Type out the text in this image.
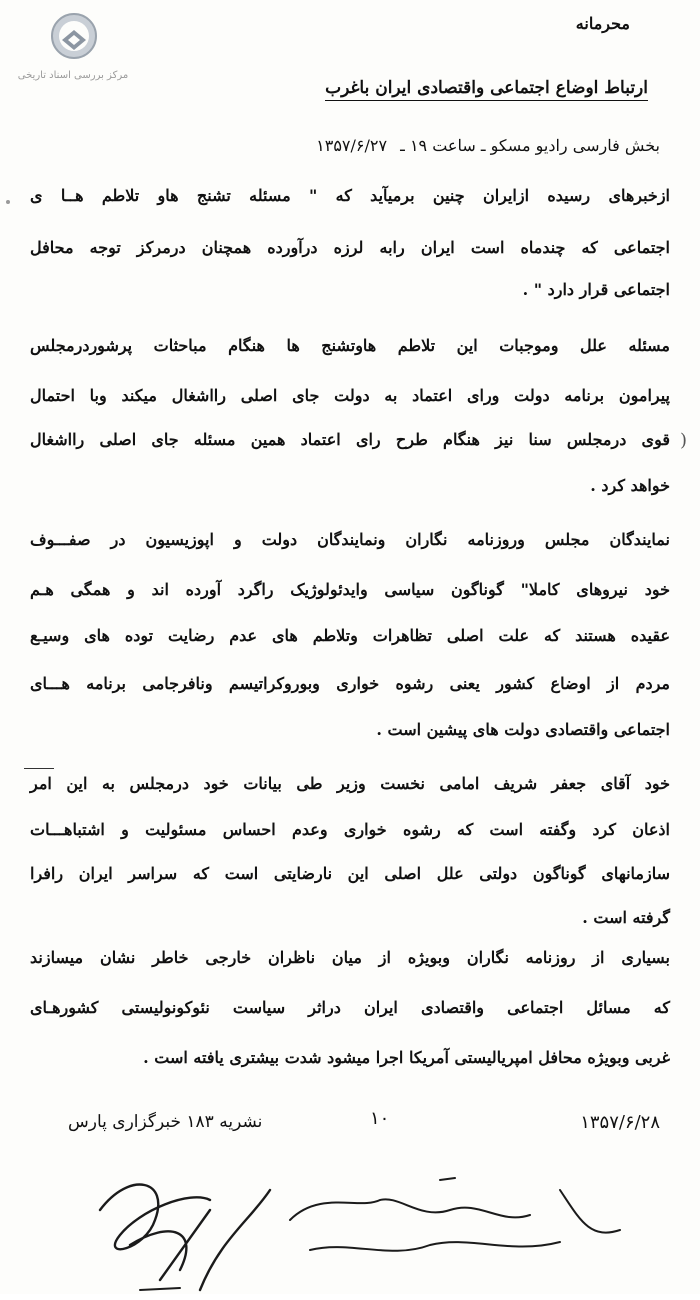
مرکز بررسی اسناد تاریخی
محرمانه
ارتباط اوضاع اجتماعی واقتصادی ایران باغرب
بخش فارسی رادیو مسکو ـ ساعت ۱۹ ـ ۱۳۵۷/۶/۲۷
ازخبرهای رسیده ازایران چنین برمیآید که " مسئله تشنج هاو تلاطم هــا ی
اجتماعی که چندماه است ایران رابه لرزه درآورده همچنان درمرکز توجه محافل
اجتماعی قرار دارد " .
مسئله علل وموجبات این تلاطم هاوتشنج ها هنگام مباحثات پرشوردرمجلس
پیرامون برنامه دولت ورای اعتماد به دولت جای اصلی رااشغال میکند وبا احتمال
قوی درمجلس سنا نیز هنگام طرح رای اعتماد همین مسئله جای اصلی رااشغال
خواهد کرد .
نمایندگان مجلس وروزنامه نگاران ونمایندگان دولت و اپوزیسیون در صفـــوف
خود نیروهای کاملا" گوناگون سیاسی وایدئولوژیک راگرد آورده اند و همگی هـم
عقیده هستند که علت اصلی تظاهرات وتلاطم های عدم رضایت توده های وسیـع
مردم از اوضاع کشور یعنی رشوه خواری وبوروکراتیسم ونافرجامی برنامه هـــای
اجتماعی واقتصادی دولت های پیشین است .
خود آقای جعفر شریف امامی نخست وزیر طی بیانات خود درمجلس به این امر
اذعان کرد وگفته است که رشوه خواری وعدم احساس مسئولیت و اشتباهـــات
سازمانهای گوناگون دولتی علل اصلی این نارضایتی است که سراسر ایران رافرا
گرفته است .
بسیاری از روزنامه نگاران وبویژه از میان ناظران خارجی خاطر نشان میسازند
۱۰	۱۳۵۷/۶/۲۸
نشریه ۱۸۳ خبرگزاری پارس
)
که مسائل اجتماعی واقتصادی ایران دراثر سیاست نئوکونولیستی کشورهـای
غربی وبویژه محافل امپریالیستی آمریکا اجرا میشود شدت بیشتری یافته است .
